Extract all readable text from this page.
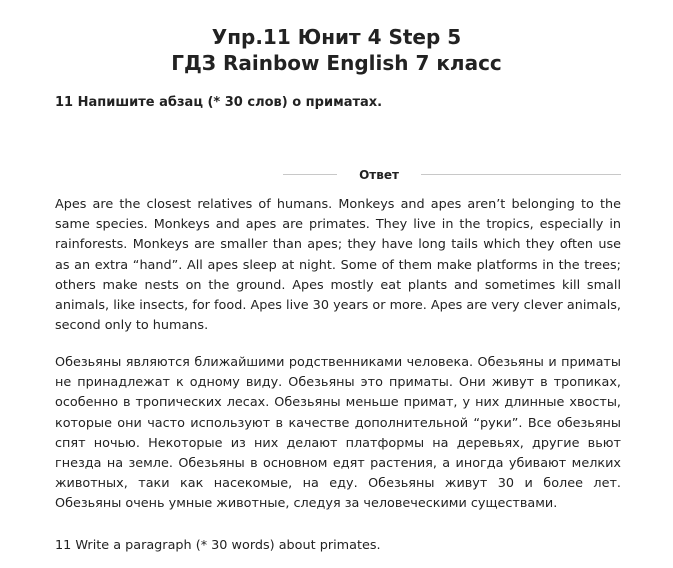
Упр.11 Юнит 4 Step 5
ГДЗ Rainbow English 7 класс
11 Напишите абзац (* 30 слов) о приматах.
Ответ

Apes are the closest relatives of humans. Monkeys and apes aren’t belonging to the same species. Monkeys and apes are primates. They live in the tropics, especially in rainforests. Monkeys are smaller than apes; they have long tails which they often use as an extra “hand”. All apes sleep at night. Some of them make platforms in the trees; others make nests on the ground. Apes mostly eat plants and sometimes kill small animals, like insects, for food. Apes live 30 years or more. Apes are very clever animals, second only to humans.

Обезьяны являются ближайшими родственниками человека. Обезьяны и приматы не принадлежат к одному виду. Обезьяны это приматы. Они живут в тропиках, особенно в тропических лесах. Обезьяны меньше примат, у них длинные хвосты, которые они часто используют в качестве дополнительной “руки”. Все обезьяны спят ночью. Некоторые из них делают платформы на деревьях, другие вьют гнезда на земле. Обезьяны в основном едят растения, а иногда убивают мелких животных, таки как насекомые, на еду. Обезьяны живут 30 и более лет. Обезьяны очень умные животные, следуя за человеческими существами.

11 Write a paragraph (* 30 words) about primates.
